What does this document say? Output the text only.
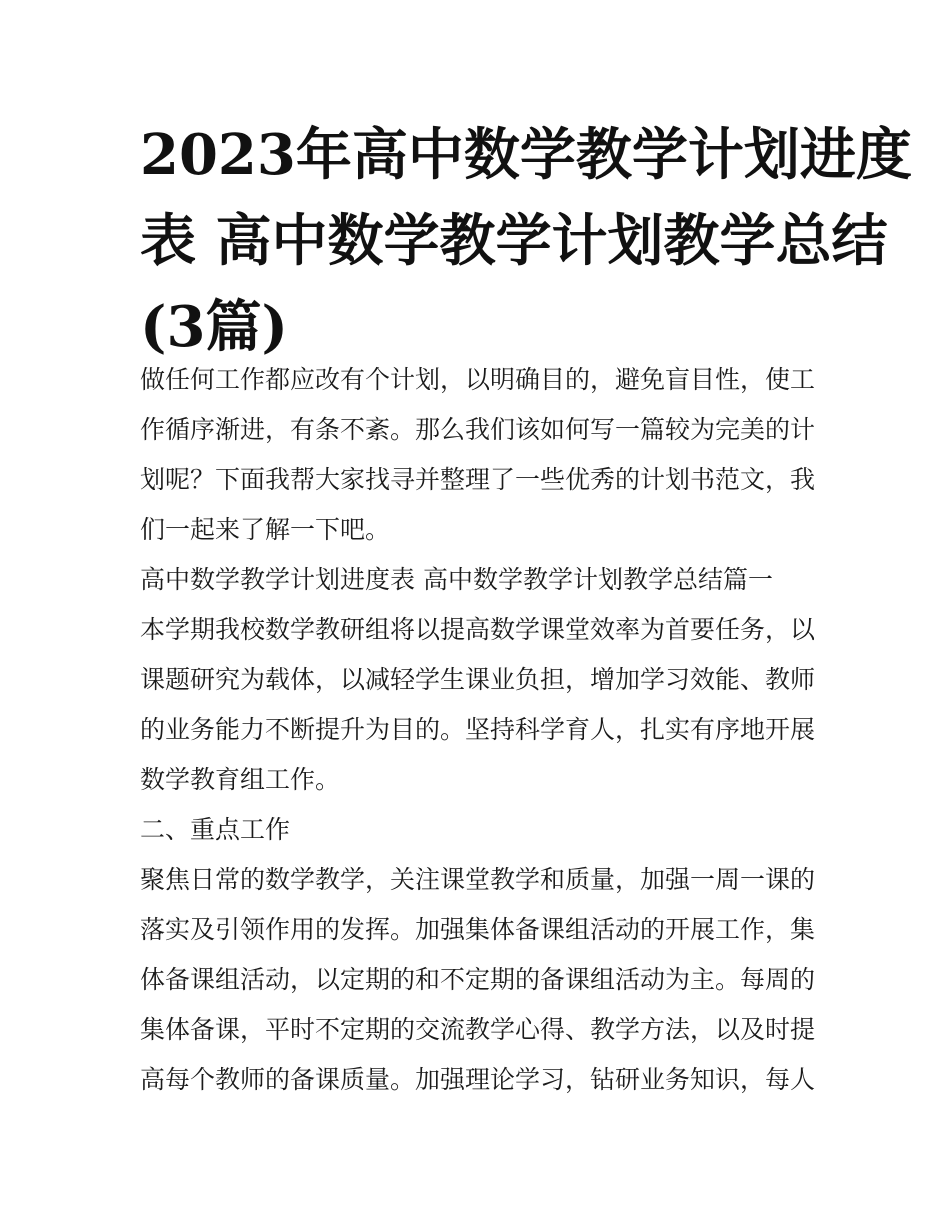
2023年高中数学教学计划进度
表 高中数学教学计划教学总结
(3篇)
做任何工作都应改有个计划，以明确目的，避免盲目性，使工
作循序渐进，有条不紊。那么我们该如何写一篇较为完美的计
划呢？下面我帮大家找寻并整理了一些优秀的计划书范文，我
们一起来了解一下吧。
高中数学教学计划进度表 高中数学教学计划教学总结篇一
本学期我校数学教研组将以提高数学课堂效率为首要任务，以
课题研究为载体，以减轻学生课业负担，增加学习效能、教师
的业务能力不断提升为目的。坚持科学育人，扎实有序地开展
数学教育组工作。
二、重点工作
聚焦日常的数学教学，关注课堂教学和质量，加强一周一课的
落实及引领作用的发挥。加强集体备课组活动的开展工作，集
体备课组活动，以定期的和不定期的备课组活动为主。每周的
集体备课，平时不定期的交流教学心得、教学方法，以及时提
高每个教师的备课质量。加强理论学习，钻研业务知识，每人
